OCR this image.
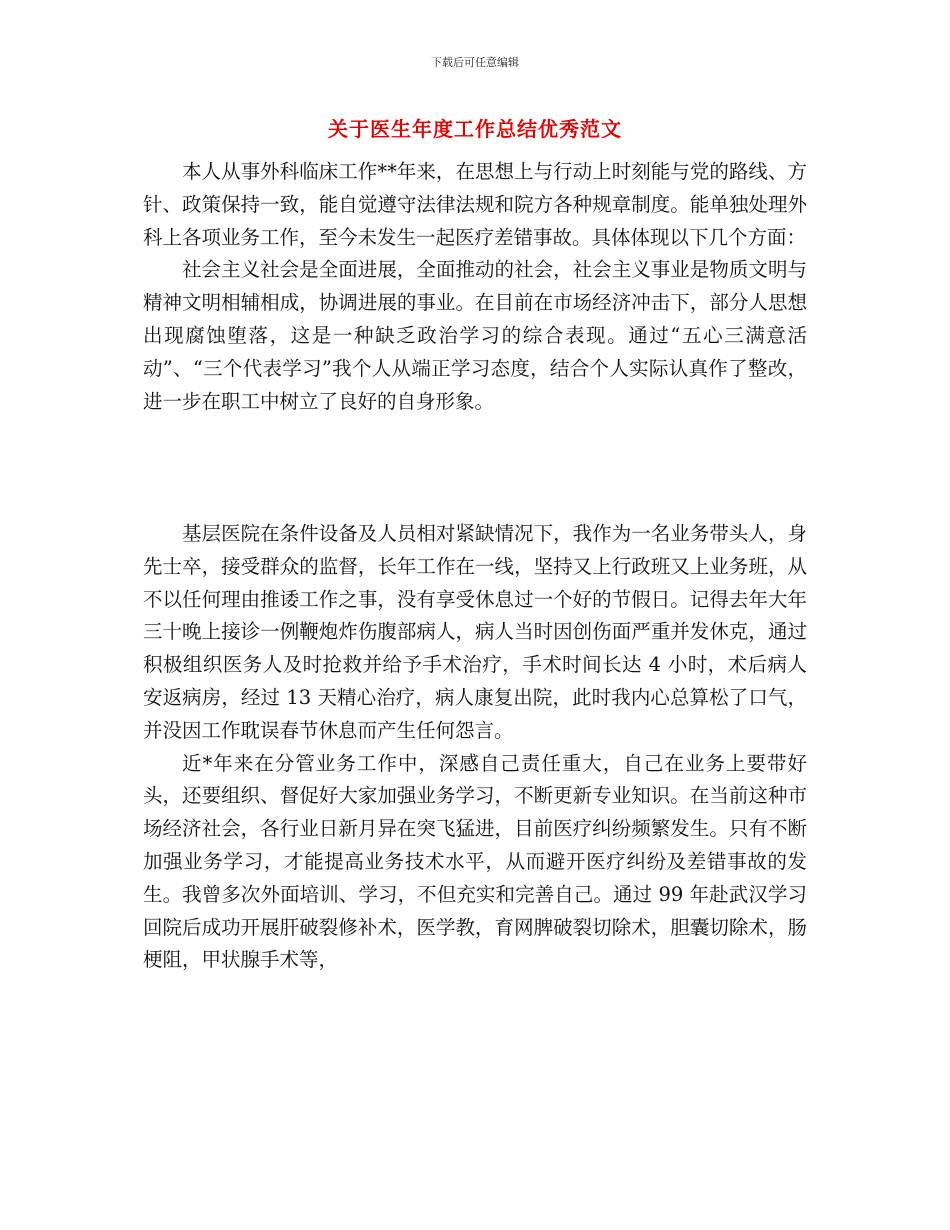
下载后可任意编辑
关于医生年度工作总结优秀范文

本人从事外科临床工作**年来，在思想上与行动上时刻能与党的路线、方针、政策保持一致，能自觉遵守法律法规和院方各种规章制度。能单独处理外科上各项业务工作，至今未发生一起医疗差错事故。具体体现以下几个方面：

社会主义社会是全面进展，全面推动的社会，社会主义事业是物质文明与精神文明相辅相成，协调进展的事业。在目前在市场经济冲击下，部分人思想出现腐蚀堕落，这是一种缺乏政治学习的综合表现。通过“五心三满意活动”、“三个代表学习”我个人从端正学习态度，结合个人实际认真作了整改，进一步在职工中树立了良好的自身形象。

基层医院在条件设备及人员相对紧缺情况下，我作为一名业务带头人，身先士卒，接受群众的监督，长年工作在一线，坚持又上行政班又上业务班，从不以任何理由推诿工作之事，没有享受休息过一个好的节假日。记得去年大年三十晚上接诊一例鞭炮炸伤腹部病人，病人当时因创伤面严重并发休克，通过积极组织医务人及时抢救并给予手术治疗，手术时间长达 4 小时，术后病人安返病房，经过 13 天精心治疗，病人康复出院，此时我内心总算松了口气，并没因工作耽误春节休息而产生任何怨言。

近*年来在分管业务工作中，深感自己责任重大，自己在业务上要带好头，还要组织、督促好大家加强业务学习，不断更新专业知识。在当前这种市场经济社会，各行业日新月异在突飞猛进，目前医疗纠纷频繁发生。只有不断加强业务学习，才能提高业务技术水平，从而避开医疗纠纷及差错事故的发生。我曾多次外面培训、学习，不但充实和完善自己。通过 99 年赴武汉学习回院后成功开展肝破裂修补术，医学教，育网脾破裂切除术，胆囊切除术，肠梗阻，甲状腺手术等，
